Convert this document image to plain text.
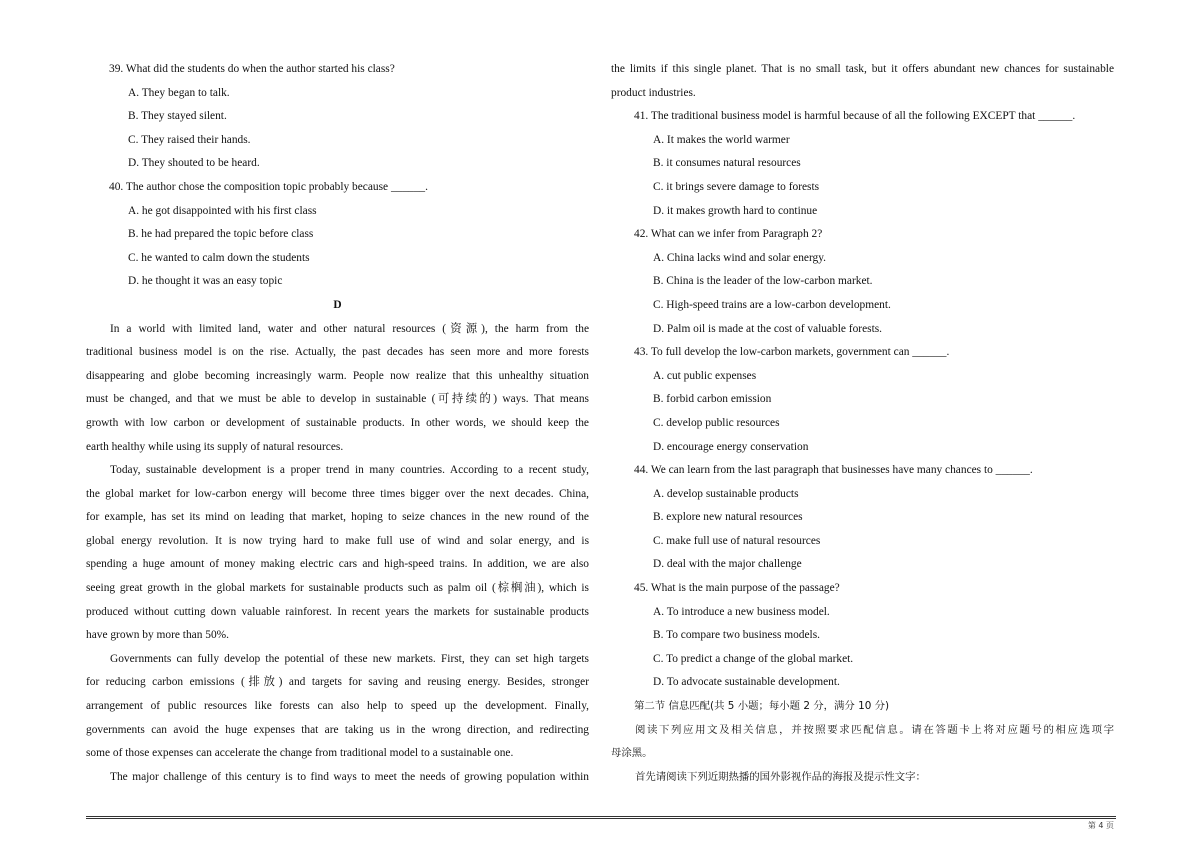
39. What did the students do when the author started his class?

A. They began to talk.

B. They stayed silent.

C. They raised their hands.

D. They shouted to be heard.

40. The author chose the composition topic probably because ______.

A. he got disappointed with his first class

B. he had prepared the topic before class

C. he wanted to calm down the students

D. he thought it was an easy topic

D

In a world with limited land, water and other natural resources (资源), the harm from the

traditional business model is on the rise. Actually, the past decades has seen more and more forests

disappearing and globe becoming increasingly warm. People now realize that this unhealthy situation

must be changed, and that we must be able to develop in sustainable (可持续的) ways. That means

growth with low carbon or development of sustainable products. In other words, we should keep the

earth healthy while using its supply of natural resources.

Today, sustainable development is a proper trend in many countries. According to a recent study,

the global market for low-carbon energy will become three times bigger over the next decades. China,

for example, has set its mind on leading that market, hoping to seize chances in the new round of the

global energy revolution. It is now trying hard to make full use of wind and solar energy, and is

spending a huge amount of money making electric cars and high-speed trains. In addition, we are also

seeing great growth in the global markets for sustainable products such as palm oil (棕榈油), which is

produced without cutting down valuable rainforest. In recent years the markets for sustainable products

have grown by more than 50%.

Governments can fully develop the potential of these new markets. First, they can set high targets

for reducing carbon emissions (排放) and targets for saving and reusing energy. Besides, stronger

arrangement of public resources like forests can also help to speed up the development. Finally,

governments can avoid the huge expenses that are taking us in the wrong direction, and redirecting

some of those expenses can accelerate the change from traditional model to a sustainable one.

The major challenge of this century is to find ways to meet the needs of growing population within

the limits if this single planet. That is no small task, but it offers abundant new chances for sustainable

product industries.

41. The traditional business model is harmful because of all the following EXCEPT that ______.

A. It makes the world warmer

B. it consumes natural resources

C. it brings severe damage to forests

D. it makes growth hard to continue

42. What can we infer from Paragraph 2?

A. China lacks wind and solar energy.

B. China is the leader of the low-carbon market.

C. High-speed trains are a low-carbon development.

D. Palm oil is made at the cost of valuable forests.

43. To full develop the low-carbon markets, government can ______.

A. cut public expenses

B. forbid carbon emission

C. develop public resources

D. encourage energy conservation

44. We can learn from the last paragraph that businesses have many chances to ______.

A. develop sustainable products

B. explore new natural resources

C. make full use of natural resources

D. deal with the major challenge

45. What is the main purpose of the passage?

A. To introduce a new business model.

B. To compare two business models.

C. To predict a change of the global market.

D. To advocate sustainable development.

第二节 信息匹配(共 5 小题；每小题 2 分，满分 10 分)

阅读下列应用文及相关信息，并按照要求匹配信息。请在答题卡上将对应题号的相应选项字

母涂黑。

首先请阅读下列近期热播的国外影视作品的海报及提示性文字：

第 4 页
